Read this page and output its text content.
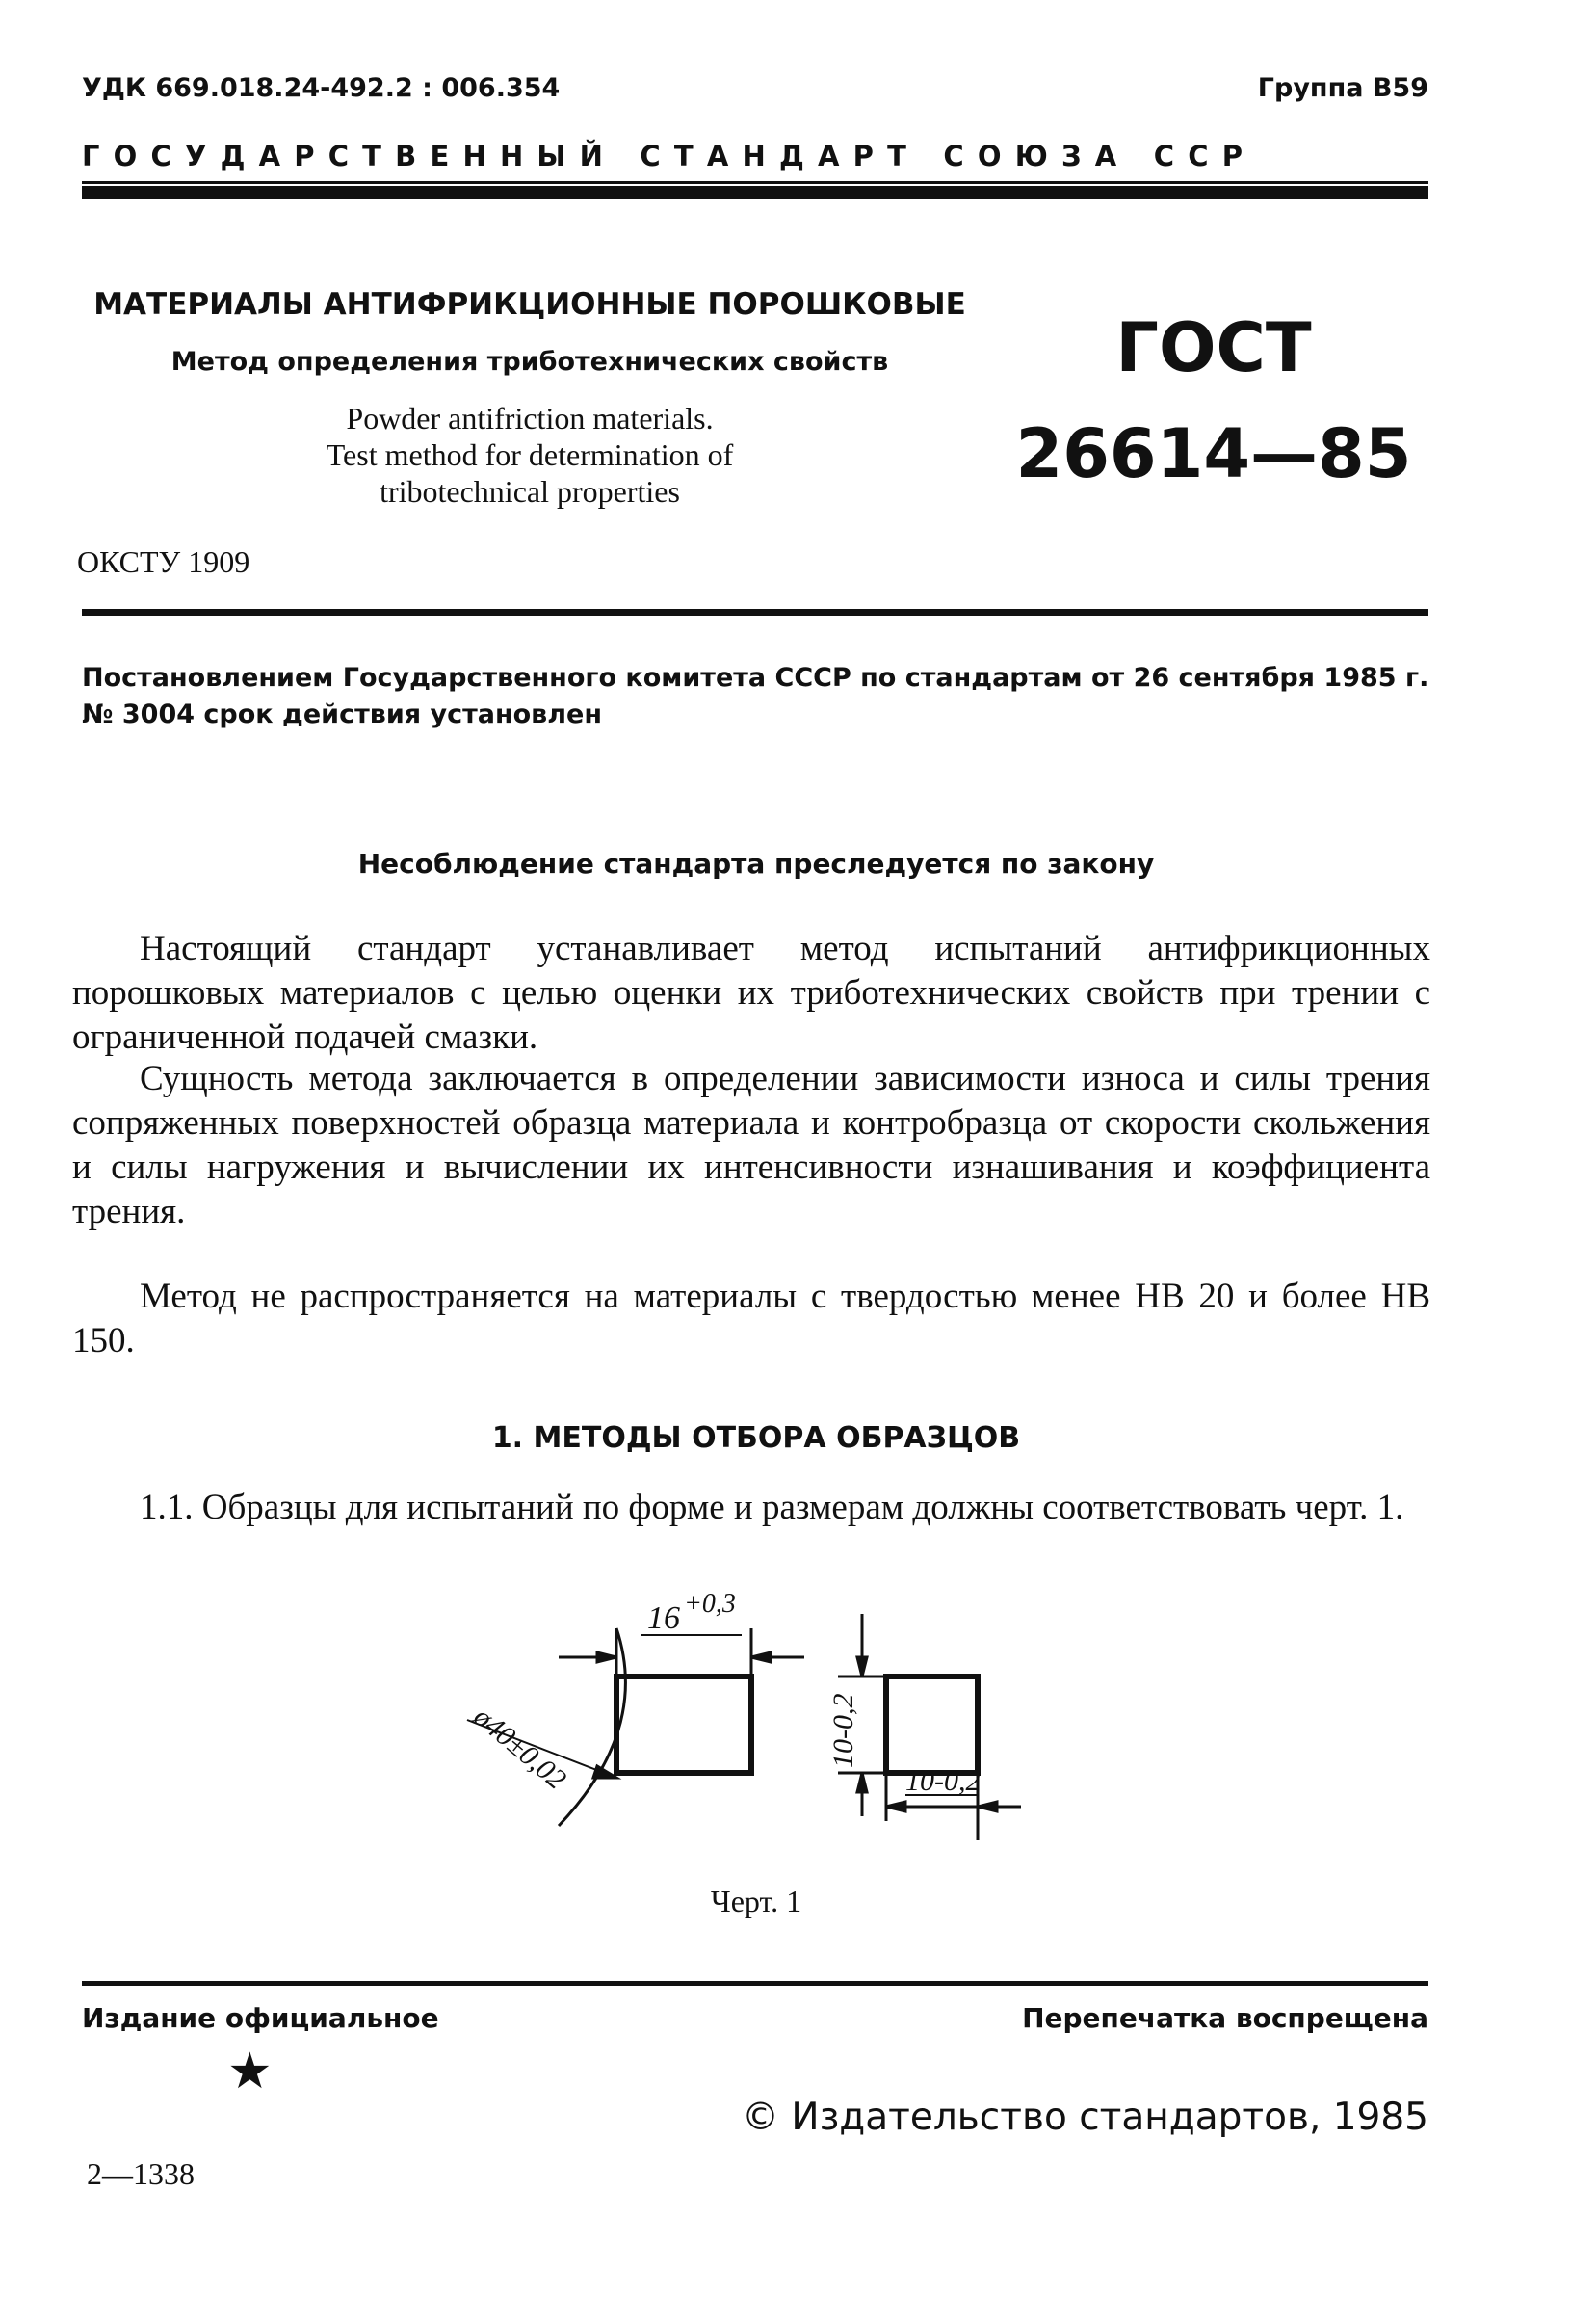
УДК 669.018.24-492.2 : 006.354	Группа В59
ГОСУДАРСТВЕННЫЙ СТАНДАРТ СОЮЗА ССР
МАТЕРИАЛЫ АНТИФРИКЦИОННЫЕ ПОРОШКОВЫЕ
Метод определения триботехнических свойств
Powder antifriction materials.
Test method for determination of
tribotechnical properties
ГОСТ
26614—85
ОКСТУ 1909
Постановлением Государственного комитета СССР по стандартам от 26 сентября 1985 г. № 3004 срок действия установлен
Несоблюдение стандарта преследуется по закону
Настоящий стандарт устанавливает метод испытаний антифрикционных порошковых материалов с целью оценки их триботехнических свойств при трении с ограниченной подачей смазки.
Сущность метода заключается в определении зависимости износа и силы трения сопряженных поверхностей образца материала и контробразца от скорости скольжения и силы нагружения и вычислении их интенсивности изнашивания и коэффициента трения.
Метод не распространяется на материалы с твердостью менее НВ 20 и более НВ 150.
1. МЕТОДЫ ОТБОРА ОБРАЗЦОВ
1.1. Образцы для испытаний по форме и размерам должны соответствовать черт. 1.
16 +0,3
ø40±0,02	10-0,2
10-0,2
Черт. 1
Издание официальное	Перепечатка воспрещена
★
© Издательство стандартов, 1985
2—1338
